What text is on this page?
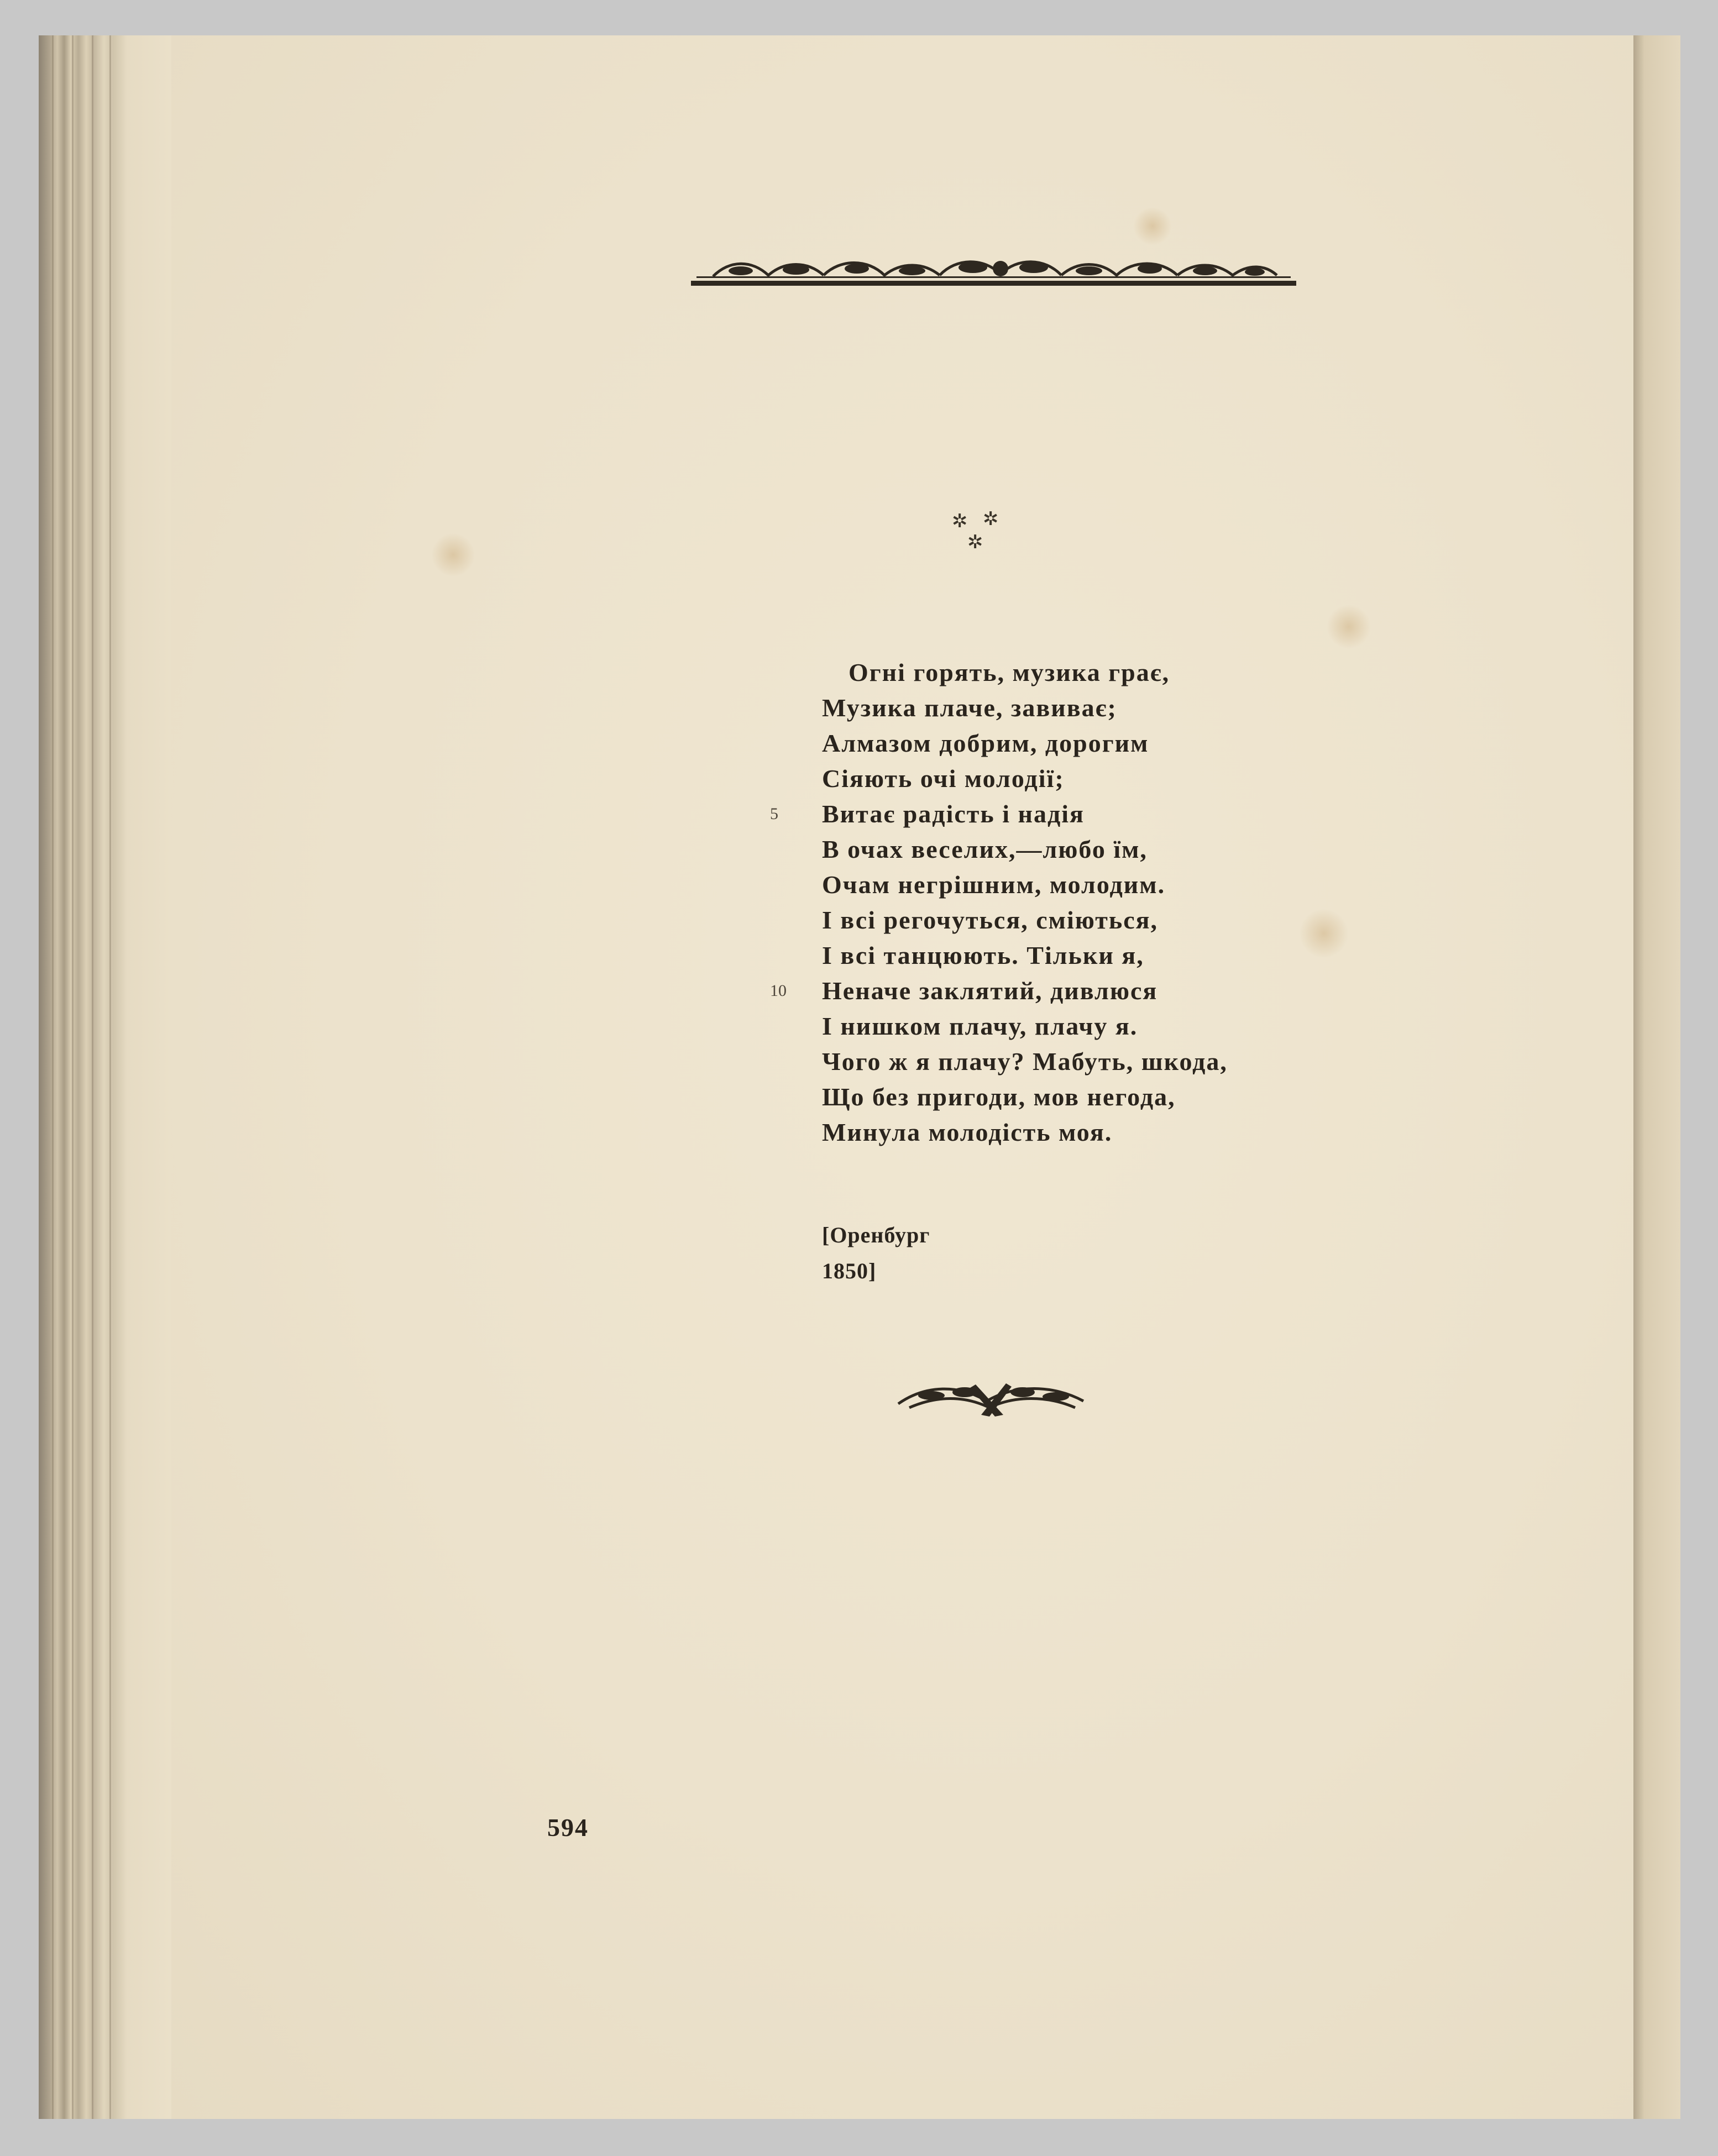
✲ ✲
✲
Огні горять, музика грає,
Музика плаче, завиває;
Алмазом добрим, дорогим
Сіяють очі молодії;
Витає радість і надія
В очах веселих,—любо їм,
Очам негрішним, молодим.
І всі регочуться, сміються,
І всі танцюють. Тільки я,
Неначе заклятий, дивлюся
І нишком плачу, плачу я.
Чого ж я плачу? Мабуть, шкода,
Що без пригоди, мов негода,
Минула молодість моя.
5
10
[Оренбург
1850]
594
